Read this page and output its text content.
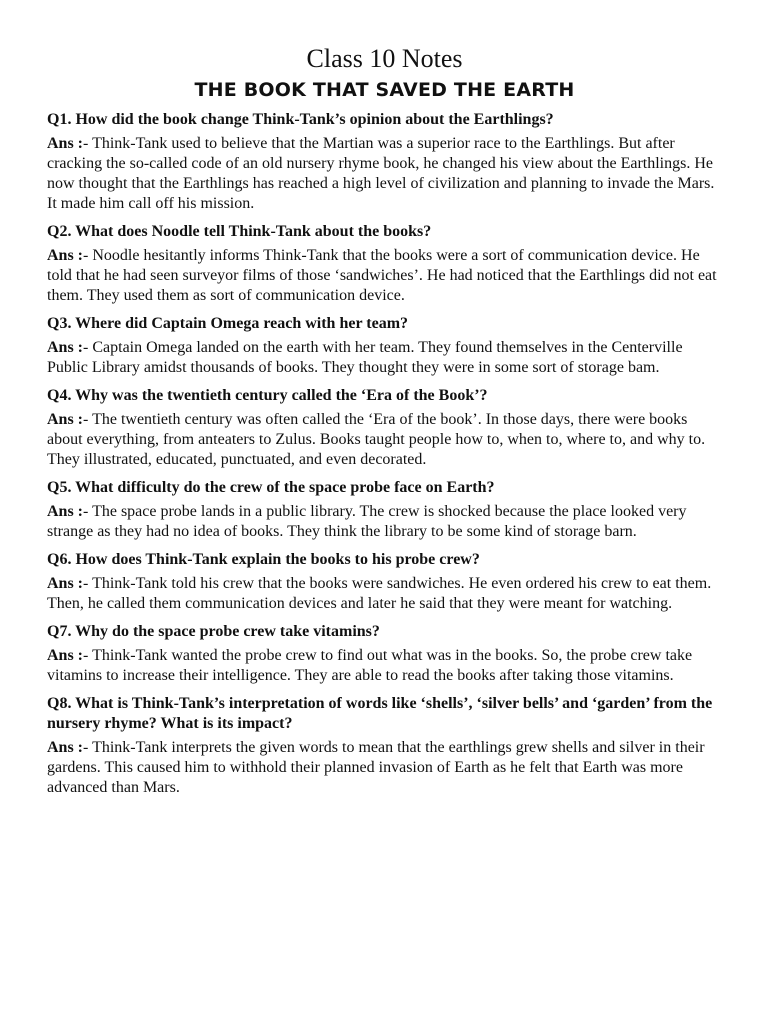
Class 10 Notes
THE BOOK THAT SAVED THE EARTH

Q1. How did the book change Think-Tank’s opinion about the Earthlings?

Ans :- Think-Tank used to believe that the Martian was a superior race to the Earthlings. But after cracking the so-called code of an old nursery rhyme book, he changed his view about the Earthlings. He now thought that the Earthlings has reached a high level of civilization and planning to invade the Mars. It made him call off his mission.

Q2. What does Noodle tell Think-Tank about the books?

Ans :- Noodle hesitantly informs Think-Tank that the books were a sort of communication device. He told that he had seen surveyor films of those ‘sandwiches’. He had noticed that the Earthlings did not eat them. They used them as sort of communication device.

Q3. Where did Captain Omega reach with her team?

Ans :- Captain Omega landed on the earth with her team. They found themselves in the Centerville Public Library amidst thousands of books. They thought they were in some sort of storage bam.

Q4. Why was the twentieth century called the ‘Era of the Book’?

Ans :- The twentieth century was often called the ‘Era of the book’. In those days, there were books about everything, from anteaters to Zulus. Books taught people how to, when to, where to, and why to. They illustrated, educated, punctuated, and even decorated.

Q5. What difficulty do the crew of the space probe face on Earth?

Ans :- The space probe lands in a public library. The crew is shocked because the place looked very strange as they had no idea of books. They think the library to be some kind of storage barn.

Q6. How does Think-Tank explain the books to his probe crew?

Ans :- Think-Tank told his crew that the books were sandwiches. He even ordered his crew to eat them. Then, he called them communication devices and later he said that they were meant for watching.

Q7. Why do the space probe crew take vitamins?

Ans :- Think-Tank wanted the probe crew to find out what was in the books. So, the probe crew take vitamins to increase their intelligence. They are able to read the books after taking those vitamins.

Q8. What is Think-Tank’s interpretation of words like ‘shells’, ‘silver bells’ and ‘garden’ from the nursery rhyme? What is its impact?

Ans :- Think-Tank interprets the given words to mean that the earthlings grew shells and silver in their gardens. This caused him to withhold their planned invasion of Earth as he felt that Earth was more advanced than Mars.
